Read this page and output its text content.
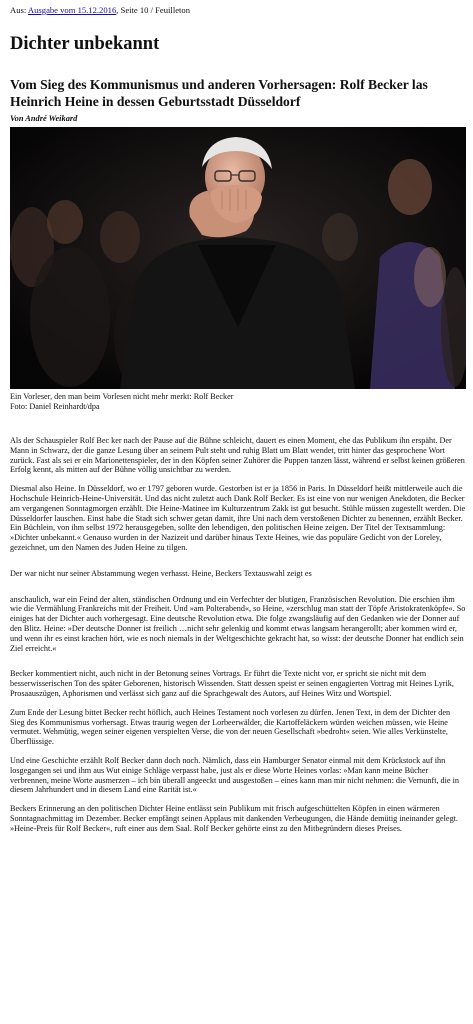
Aus: Ausgabe vom 15.12.2016, Seite 10 / Feuilleton
Dichter unbekannt
Vom Sieg des Kommunismus und anderen Vorhersagen: Rolf Becker las Heinrich Heine in dessen Geburtsstadt Düsseldorf
Von André Weikard
Ein Vorleser, den man beim Vorlesen nicht mehr merkt: Rolf Becker
Foto: Daniel Reinhardt/dpa

Als der Schauspieler Rolf Bec ker nach der Pause auf die Bühne schleicht, dauert es einen Moment, ehe das Publikum ihn erspäht. Der Mann in Schwarz, der die ganze Lesung über an seinem Pult steht und ruhig Blatt um Blatt wendet, tritt hinter das gesprochene Wort zurück. Fast als sei er ein Marionettenspieler, der in den Köpfen seiner Zuhörer die Puppen tanzen lässt, während er selbst keinen größeren Erfolg kennt, als mitten auf der Bühne völlig unsichtbar zu werden.

Diesmal also Heine. In Düsseldorf, wo er 1797 geboren wurde. Gestorben ist er ja 1856 in Paris. In Düsseldorf heißt mittlerweile auch die Hochschule Heinrich-Heine-Universität. Und das nicht zuletzt auch Dank Rolf Becker. Es ist eine von nur wenigen Anekdoten, die Becker am vergangenen Sonntagmorgen erzählt. Die Heine-Matinee im Kulturzentrum Zakk ist gut besucht. Stühle müssen zugestellt werden. Die Düsseldorfer lauschen. Einst habe die Stadt sich schwer getan damit, ihre Uni nach dem verstoßenen Dichter zu benennen, erzählt Becker. Ein Büchlein, von ihm selbst 1972 herausgegeben, sollte den lebendigen, den politischen Heine zeigen. Der Titel der Textsammlung: »Dichter unbekannt.« Genauso wurden in der Nazizeit und darüber hinaus Texte Heines, wie das populäre Gedicht von der Loreley, gezeichnet, um den Namen des Juden Heine zu tilgen.

Der war nicht nur seiner Abstammung wegen verhasst. Heine, Beckers Textauswahl zeigt es

anschaulich, war ein Feind der alten, ständischen Ordnung und ein Verfechter der blutigen, Französischen Revolution. Die erschien ihm wie die Vermählung Frankreichs mit der Freiheit. Und »am Polterabend«, so Heine, »zerschlug man statt der Töpfe Aristokratenköpfe«. So einiges hat der Dichter auch vorhergesagt. Eine deutsche Revolution etwa. Die folge zwangsläufig auf den Gedanken wie der Donner auf den Blitz. Heine: »Der deutsche Donner ist freilich …nicht sehr gelenkig und kommt etwas langsam herangerollt; aber kommen wird er, und wenn ihr es einst krachen hört, wie es noch niemals in der Weltgeschichte gekracht hat, so wisst: der deutsche Donner hat endlich sein Ziel erreicht.«

Becker kommentiert nicht, auch nicht in der Betonung seines Vortrags. Er führt die Texte nicht vor, er spricht sie nicht mit dem besserwisserischen Ton des später Geborenen, historisch Wissenden. Statt dessen speist er seinen engagierten Vortrag mit Heines Lyrik, Prosaauszügen, Aphorismen und verlässt sich ganz auf die Sprachgewalt des Autors, auf Heines Witz und Wortspiel.

Zum Ende der Lesung bittet Becker recht höflich, auch Heines Testament noch vorlesen zu dürfen. Jenen Text, in dem der Dichter den Sieg des Kommunismus vorhersagt. Etwas traurig wegen der Lorbeerwälder, die Kartoffeläckern würden weichen müssen, wie Heine vermutet. Wehmütig, wegen seiner eigenen verspielten Verse, die von der neuen Gesellschaft »bedroht« seien. Wie alles Verkünstelte, Überflüssige.

Und eine Geschichte erzählt Rolf Becker dann doch noch. Nämlich, dass ein Hamburger Senator einmal mit dem Krückstock auf ihn losgegangen sei und ihm aus Wut einige Schläge verpasst habe, just als er diese Worte Heines vorlas: »Man kann meine Bücher verbrennen, meine Worte ausmerzen – ich bin überall angeeckt und ausgestoßen – eines kann man mir nicht nehmen: die Vernunft, die in diesem Jahrhundert und in diesem Land eine Rarität ist.«

Beckers Erinnerung an den politischen Dichter Heine entlässt sein Publikum mit frisch aufgeschüttelten Köpfen in einen wärmeren Sonntagnachmittag im Dezember. Becker empfängt seinen Applaus mit dankenden Verbeugungen, die Hände demütig ineinander gelegt. »Heine-Preis für Rolf Becker«, ruft einer aus dem Saal. Rolf Becker gehörte einst zu den Mitbegründern dieses Preises.
